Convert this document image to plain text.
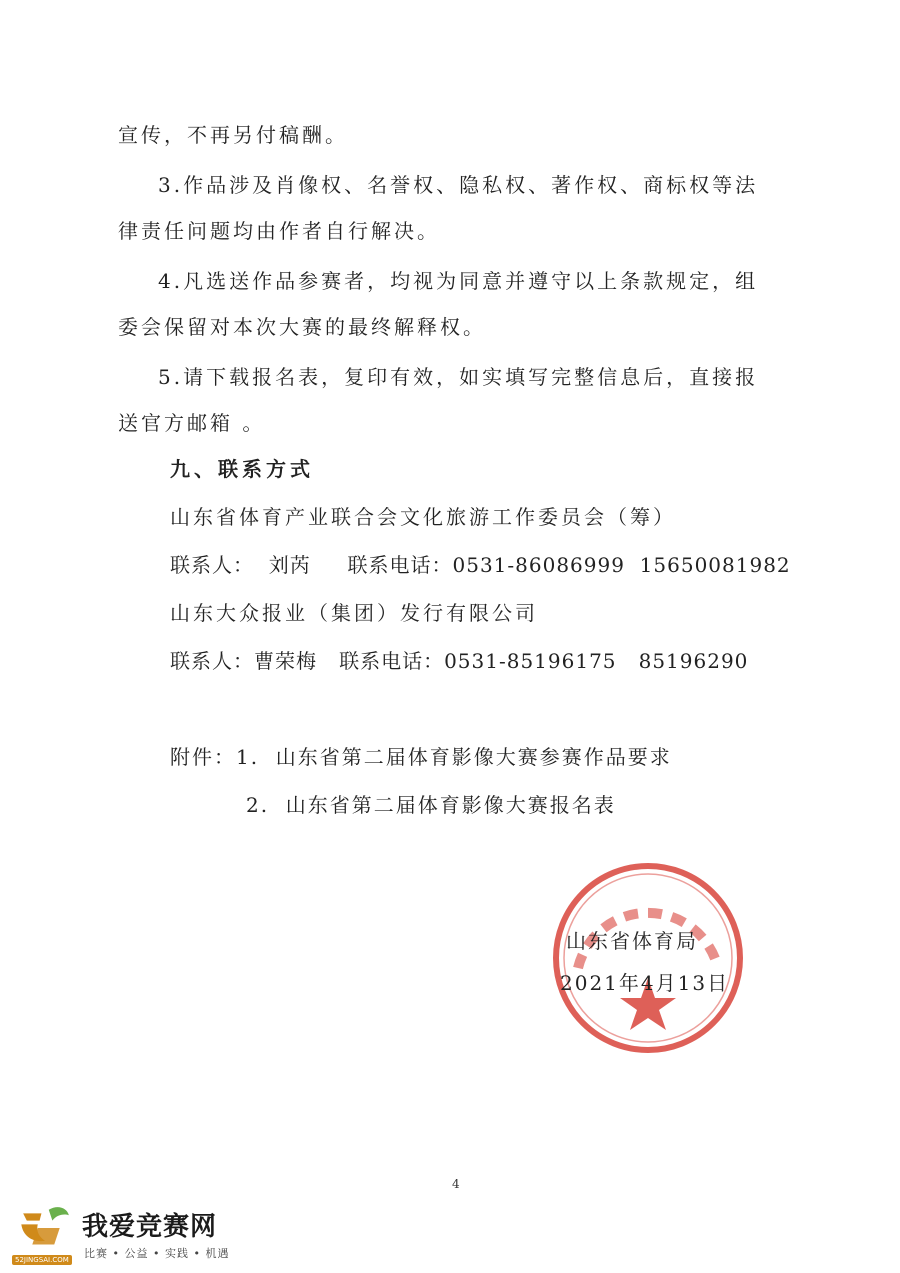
宣传，不再另付稿酬。
3.作品涉及肖像权、名誉权、隐私权、著作权、商标权等法
律责任问题均由作者自行解决。
4.凡选送作品参赛者，均视为同意并遵守以上条款规定，组
委会保留对本次大赛的最终解释权。
5.请下载报名表，复印有效，如实填写完整信息后，直接报
送官方邮箱 。
九、联系方式
山东省体育产业联合会文化旅游工作委员会（筹）
联系人：  刘芮     联系电话：0531-86086999  15650081982
山东大众报业（集团）发行有限公司
联系人：曹荣梅   联系电话：0531-85196175   85196290
附件：1.  山东省第二届体育影像大赛参赛作品要求
2.  山东省第二届体育影像大赛报名表
山东省体育局
2021年4月13日
4
52JINGSAI.COM
我爱竞赛网
比赛 • 公益 • 实践 • 机遇
